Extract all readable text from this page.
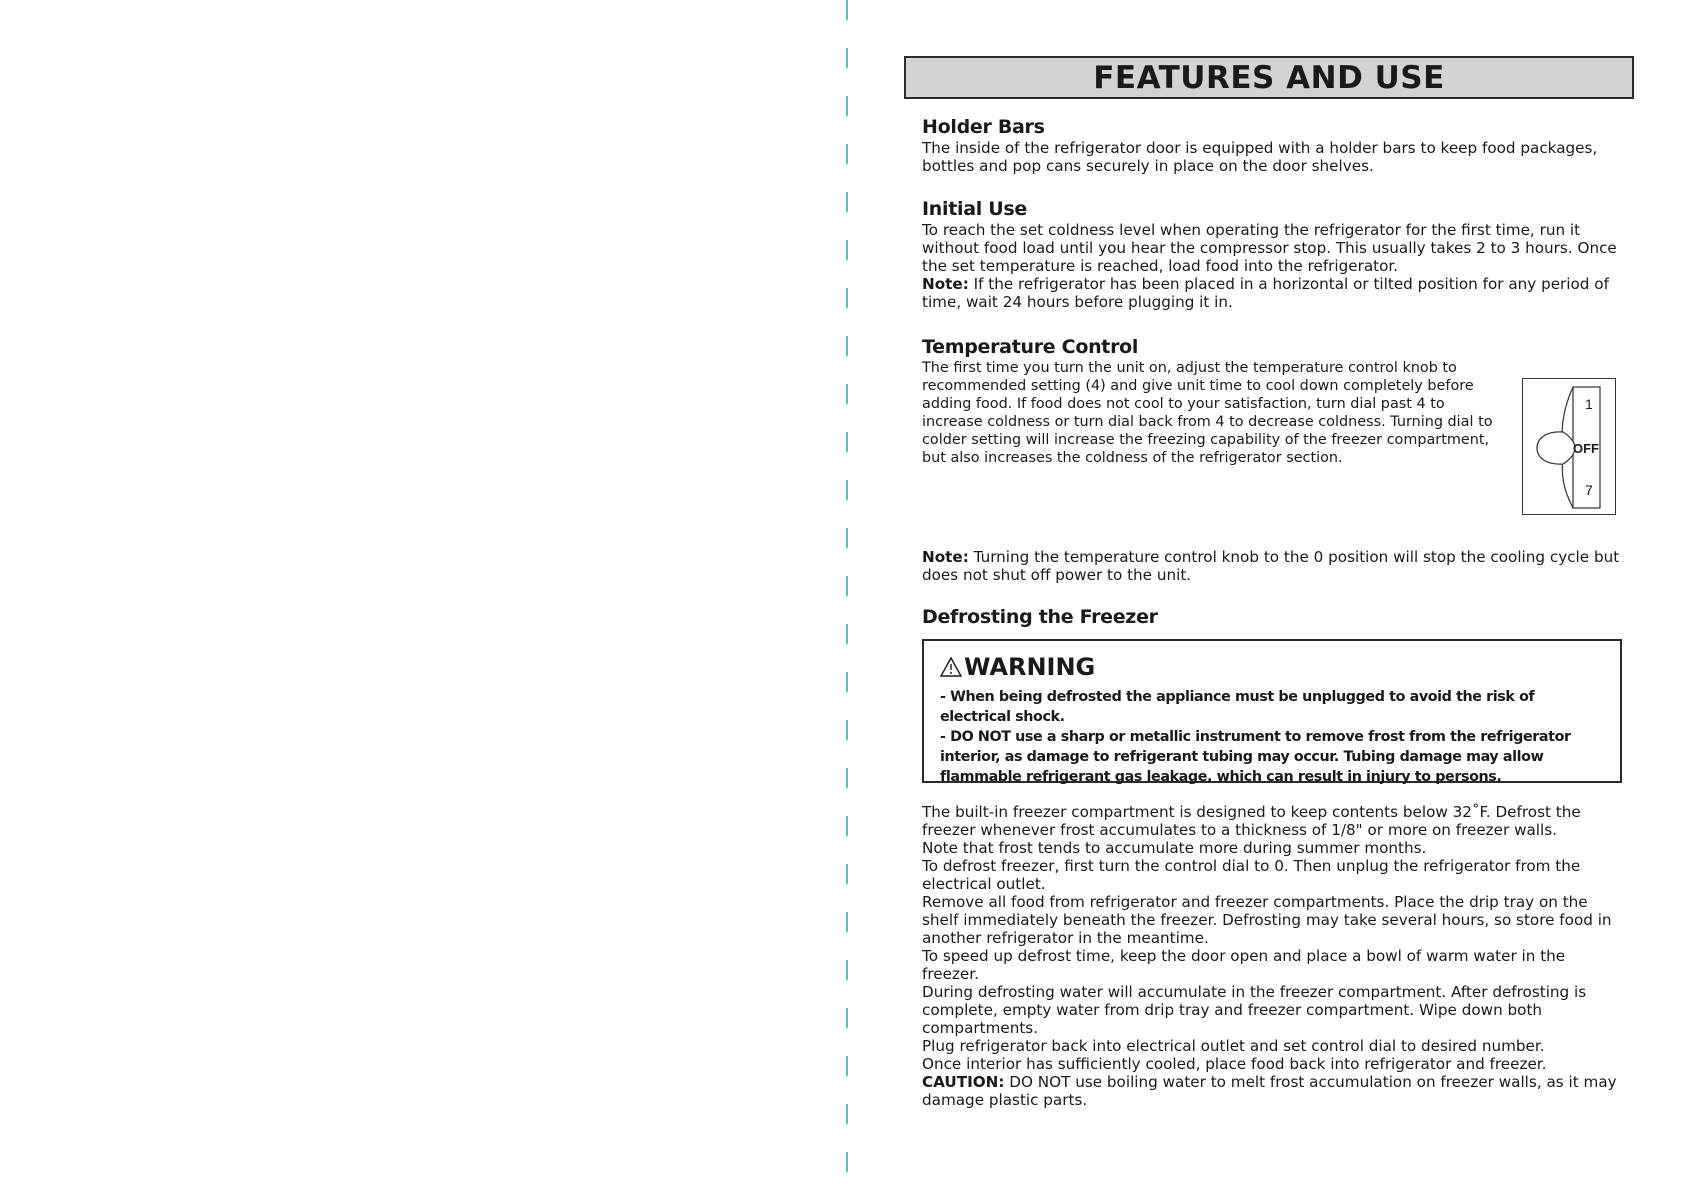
FEATURES AND USE
Holder Bars

The inside of the refrigerator door is equipped with a holder bars to keep food packages, bottles and pop cans securely in place on the door shelves.

Initial Use

To reach the set coldness level when operating the refrigerator for the first time, run it without food load until you hear the compressor stop. This usually takes 2 to 3 hours. Once the set temperature is reached, load food into the refrigerator.

Note: If the refrigerator has been placed in a horizontal or tilted position for any period of time, wait 24 hours before plugging it in.

Temperature Control

The first time you turn the unit on, adjust the temperature control knob to recommended setting (4) and give unit time to cool down completely before adding food. If food does not cool to your satisfaction, turn dial past 4 to increase coldness or turn dial back from 4 to decrease coldness. Turning dial to colder setting will increase the freezing capability of the freezer compartment, but also increases the coldness of the refrigerator section.

1
OFF
7

Note: Turning the temperature control knob to the 0 position will stop the cooling cycle but does not shut off power to the unit.

Defrosting the Freezer
WARNING
- When being defrosted the appliance must be unplugged to avoid the risk of electrical shock.
- DO NOT use a sharp or metallic instrument to remove frost from the refrigerator interior, as damage to refrigerant tubing may occur. Tubing damage may allow flammable refrigerant gas leakage, which can result in injury to persons.

The built-in freezer compartment is designed to keep contents below 32˚F. Defrost the freezer whenever frost accumulates to a thickness of 1/8" or more on freezer walls.

Note that frost tends to accumulate more during summer months.

To defrost freezer, first turn the control dial to 0. Then unplug the refrigerator from the electrical outlet.

Remove all food from refrigerator and freezer compartments. Place the drip tray on the shelf immediately beneath the freezer. Defrosting may take several hours, so store food in another refrigerator in the meantime.

To speed up defrost time, keep the door open and place a bowl of warm water in the freezer.

During defrosting water will accumulate in the freezer compartment. After defrosting is complete, empty water from drip tray and freezer compartment. Wipe down both compartments.

Plug refrigerator back into electrical outlet and set control dial to desired number.

Once interior has sufficiently cooled, place food back into refrigerator and freezer.

CAUTION: DO NOT use boiling water to melt frost accumulation on freezer walls, as it may damage plastic parts.
